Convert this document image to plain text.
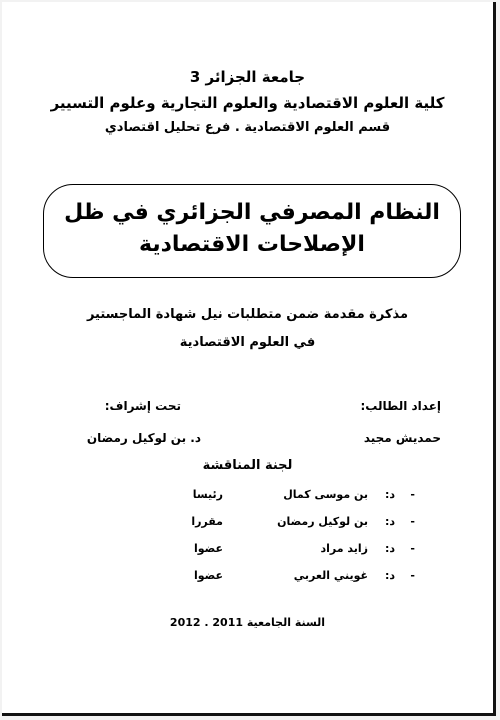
جامعة الجزائر 3
كلية العلوم الاقتصادية والعلوم التجارية وعلوم التسيير
قسم العلوم الاقتصادية . فرع تحليل اقتصادي
النظام المصرفي الجزائري في ظل الإصلاحات الاقتصادية
مذكرة مقدمة ضمن متطلبات نيل شهادة الماجستير
في العلوم الاقتصادية
إعداد الطالب:
تحت إشراف:
حمديش مجيد
د. بن لوكيل رمضان
لجنة المناقشة
-
د:
بن موسى كمال
رئيسا
-
د:
بن لوكيل رمضان
مقررا
-
د:
زايد مراد
عضوا
-
د:
غويني العربي
عضوا
السنة الجامعية 2011 . 2012
